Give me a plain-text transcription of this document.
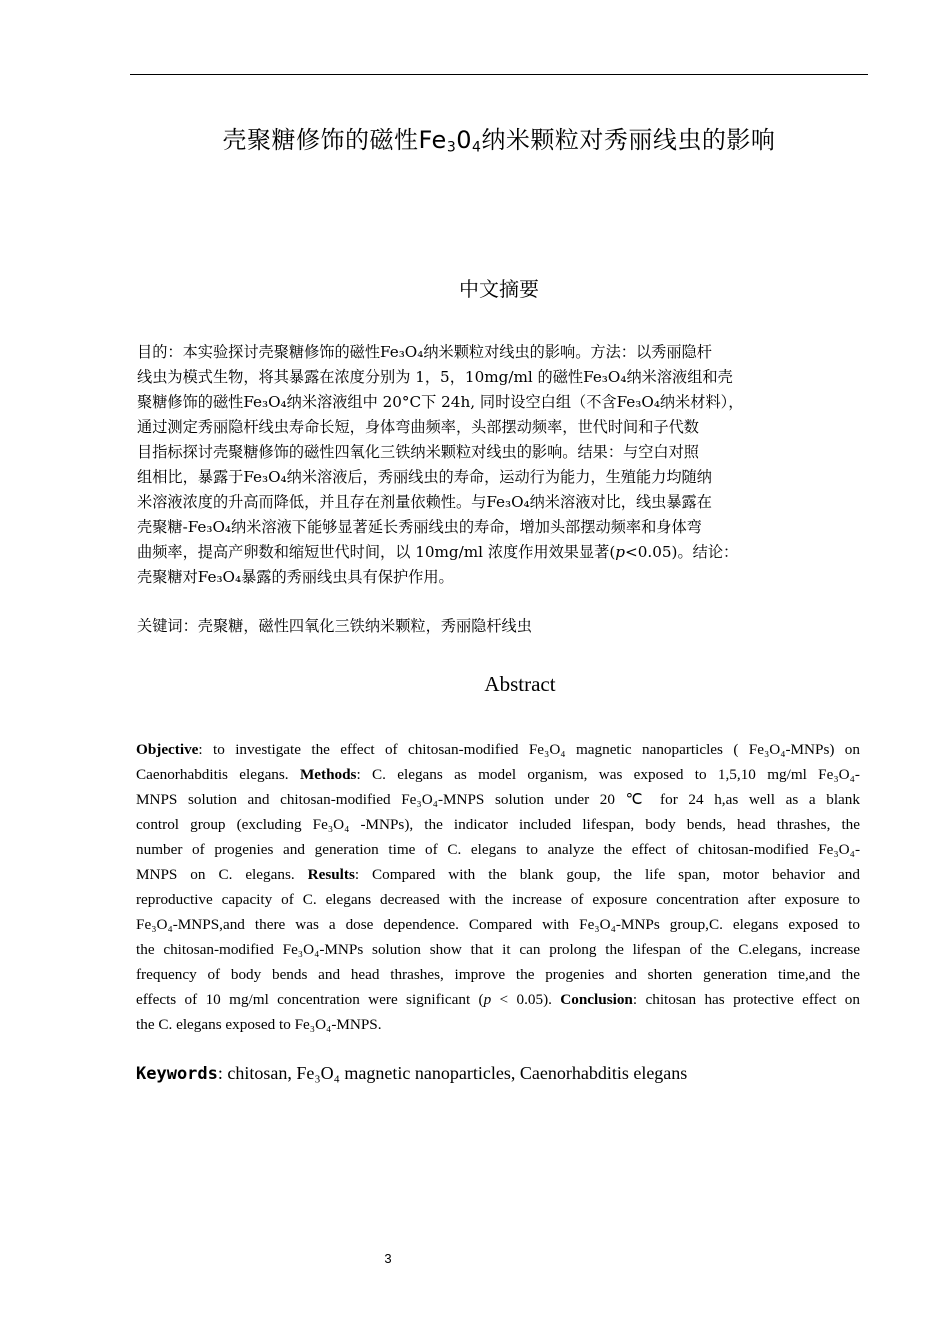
壳聚糖修饰的磁性$Fe_30_4$纳米颗粒对秀丽线虫的影响
中文摘要
目的：本实验探讨壳聚糖修饰的磁性Fe₃O₄纳米颗粒对线虫的影响。方法：以秀丽隐杆
线虫为模式生物，将其暴露在浓度分别为 1，5，10mg/ml 的磁性Fe₃O₄纳米溶液组和壳
聚糖修饰的磁性Fe₃O₄纳米溶液组中 20°C下 24h, 同时设空白组（不含Fe₃O₄纳米材料），
通过测定秀丽隐杆线虫寿命长短，身体弯曲频率，头部摆动频率，世代时间和子代数
目指标探讨壳聚糖修饰的磁性四氧化三铁纳米颗粒对线虫的影响。结果：与空白对照
组相比，暴露于Fe₃O₄纳米溶液后，秀丽线虫的寿命，运动行为能力，生殖能力均随纳
米溶液浓度的升高而降低，并且存在剂量依赖性。与Fe₃O₄纳米溶液对比，线虫暴露在
壳聚糖-Fe₃O₄纳米溶液下能够显著延长秀丽线虫的寿命，增加头部摆动频率和身体弯
曲频率，提高产卵数和缩短世代时间，以 10mg/ml 浓度作用效果显著(p<0.05)。结论：
壳聚糖对Fe₃O₄暴露的秀丽线虫具有保护作用。
关键词：壳聚糖，磁性四氧化三铁纳米颗粒，秀丽隐杆线虫
Abstract
Objective: to investigate the effect of chitosan-modified Fe₃O₄ magnetic nanoparticles ( Fe₃O₄-MNPs) on
Caenorhabditis elegans. Methods: C. elegans as model organism, was exposed to 1,5,10 mg/ml Fe₃O₄-
MNPS solution and chitosan-modified Fe₃O₄-MNPS solution under 20 ℃ for 24 h,as well as a blank
control group (excluding Fe₃O₄ -MNPs), the indicator included lifespan, body bends, head thrashes, the
number of progenies and generation time of C. elegans to analyze the effect of chitosan-modified Fe₃O₄-
MNPS on C. elegans. Results: Compared with the blank goup, the life span, motor behavior and
reproductive capacity of C. elegans decreased with the increase of exposure concentration after exposure to
Fe₃O₄-MNPS,and there was a dose dependence. Compared with Fe₃O₄-MNPs group,C. elegans exposed to
the chitosan-modified Fe₃O₄-MNPs solution show that it can prolong the lifespan of the C.elegans, increase
frequency of body bends and head thrashes, improve the progenies and shorten generation time,and the
effects of 10 mg/ml concentration were significant (p < 0.05). Conclusion: chitosan has protective effect on
the C. elegans exposed to Fe₃O₄-MNPS.
Keywords: chitosan, Fe₃O₄ magnetic nanoparticles, Caenorhabditis elegans
3
